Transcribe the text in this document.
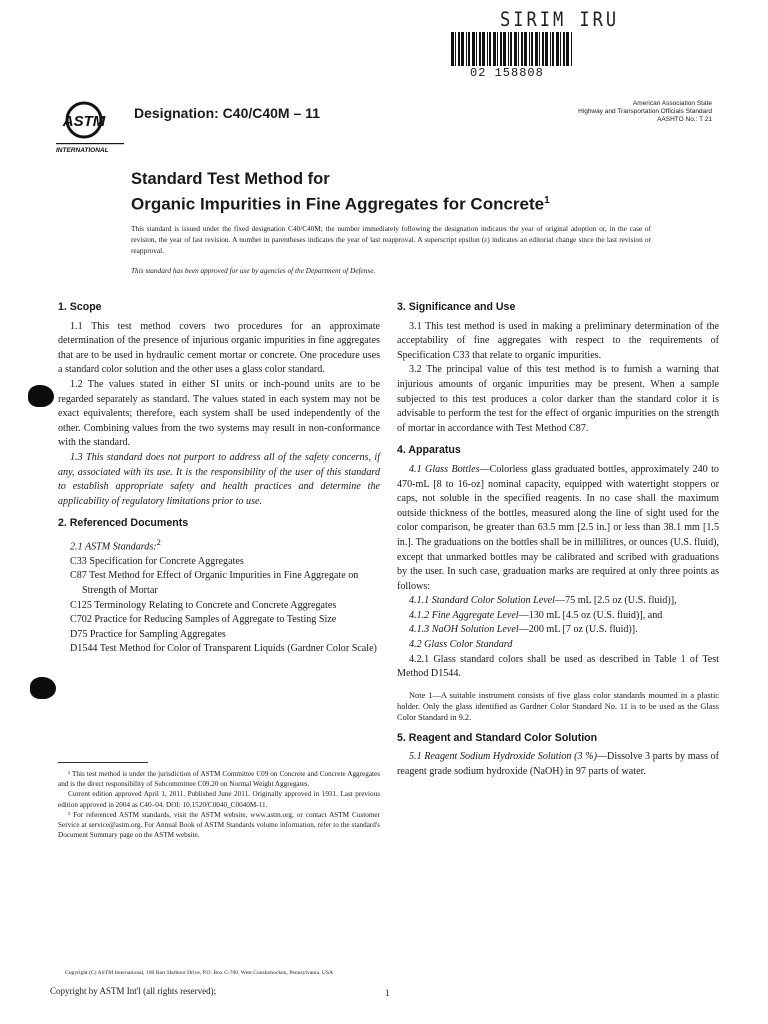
SIRIM IRU
02 158808
ASTM
INTERNATIONAL
Designation: C40/C40M – 11
American Association State
Highway and Transportation Officials Standard
AASHTO No.: T 21
Standard Test Method for
Organic Impurities in Fine Aggregates for Concrete$^1$
This standard is issued under the fixed designation C40/C40M; the number immediately following the designation indicates the year of original adoption or, in the case of revision, the year of last revision. A number in parentheses indicates the year of last reapproval. A superscript epsilon (ε) indicates an editorial change since the last revision or reapproval.
This standard has been approved for use by agencies of the Department of Defense.
1. Scope

1.1 This test method covers two procedures for an approximate determination of the presence of injurious organic impurities in fine aggregates that are to be used in hydraulic cement mortar or concrete. One procedure uses a standard color solution and the other uses a glass color standard.

1.2 The values stated in either SI units or inch-pound units are to be regarded separately as standard. The values stated in each system may not be exact equivalents; therefore, each system shall be used independently of the other. Combining values from the two systems may result in non-conformance with the standard.

1.3 This standard does not purport to address all of the safety concerns, if any, associated with its use. It is the responsibility of the user of this standard to establish appropriate safety and health practices and determine the applicability of regulatory limitations prior to use.

2. Referenced Documents

2.1 ASTM Standards:$^2$

C33 Specification for Concrete Aggregates

C87 Test Method for Effect of Organic Impurities in Fine Aggregate on Strength of Mortar

C125 Terminology Relating to Concrete and Concrete Aggregates

C702 Practice for Reducing Samples of Aggregate to Testing Size

D75 Practice for Sampling Aggregates

D1544 Test Method for Color of Transparent Liquids (Gardner Color Scale)

¹ This test method is under the jurisdiction of ASTM Committee C09 on Concrete and Concrete Aggregates and is the direct responsibility of Subcommittee C09.20 on Normal Weight Aggregates.

Current edition approved April 1, 2011. Published June 2011. Originally approved in 1931. Last previous edition approved in 2004 as C40–04. DOI: 10.1520/C0040_C0040M-11.

² For referenced ASTM standards, visit the ASTM website, www.astm.org, or contact ASTM Customer Service at service@astm.org. For Annual Book of ASTM Standards volume information, refer to the standard's Document Summary page on the ASTM website.

3. Significance and Use

3.1 This test method is used in making a preliminary determination of the acceptability of fine aggregates with respect to the requirements of Specification C33 that relate to organic impurities.

3.2 The principal value of this test method is to furnish a warning that injurious amounts of organic impurities may be present. When a sample subjected to this test produces a color darker than the standard color it is advisable to perform the test for the effect of organic impurities on the strength of mortar in accordance with Test Method C87.

4. Apparatus

4.1 Glass Bottles—Colorless glass graduated bottles, approximately 240 to 470-mL [8 to 16-oz] nominal capacity, equipped with watertight stoppers or caps, not soluble in the specified reagents. In no case shall the maximum outside thickness of the bottles, measured along the line of sight used for the color comparison, be greater than 63.5 mm [2.5 in.] or less than 38.1 mm [1.5 in.]. The graduations on the bottles shall be in millilitres, or ounces (U.S. fluid), except that unmarked bottles may be calibrated and scribed with graduations by the user. In such case, graduation marks are required at only three points as follows:

4.1.1 Standard Color Solution Level—75 mL [2.5 oz (U.S. fluid)],

4.1.2 Fine Aggregate Level—130 mL [4.5 oz (U.S. fluid)], and

4.1.3 NaOH Solution Level—200 mL [7 oz (U.S. fluid)].

4.2 Glass Color Standard

4.2.1 Glass standard colors shall be used as described in Table 1 of Test Method D1544.

Note 1—A suitable instrument consists of five glass color standards mounted in a plastic holder. Only the glass identified as Gardner Color Standard No. 11 is to be used as the Glass Color Standard in 9.2.

5. Reagent and Standard Color Solution

5.1 Reagent Sodium Hydroxide Solution (3 %)—Dissolve 3 parts by mass of reagent grade sodium hydroxide (NaOH) in 97 parts of water.

Copyright (C) ASTM International, 100 Barr Harbour Drive, P.O. Box C-700, West Conshohocken, Pennsylvania. USA
Copyright by ASTM Int'l (all rights reserved);	1
